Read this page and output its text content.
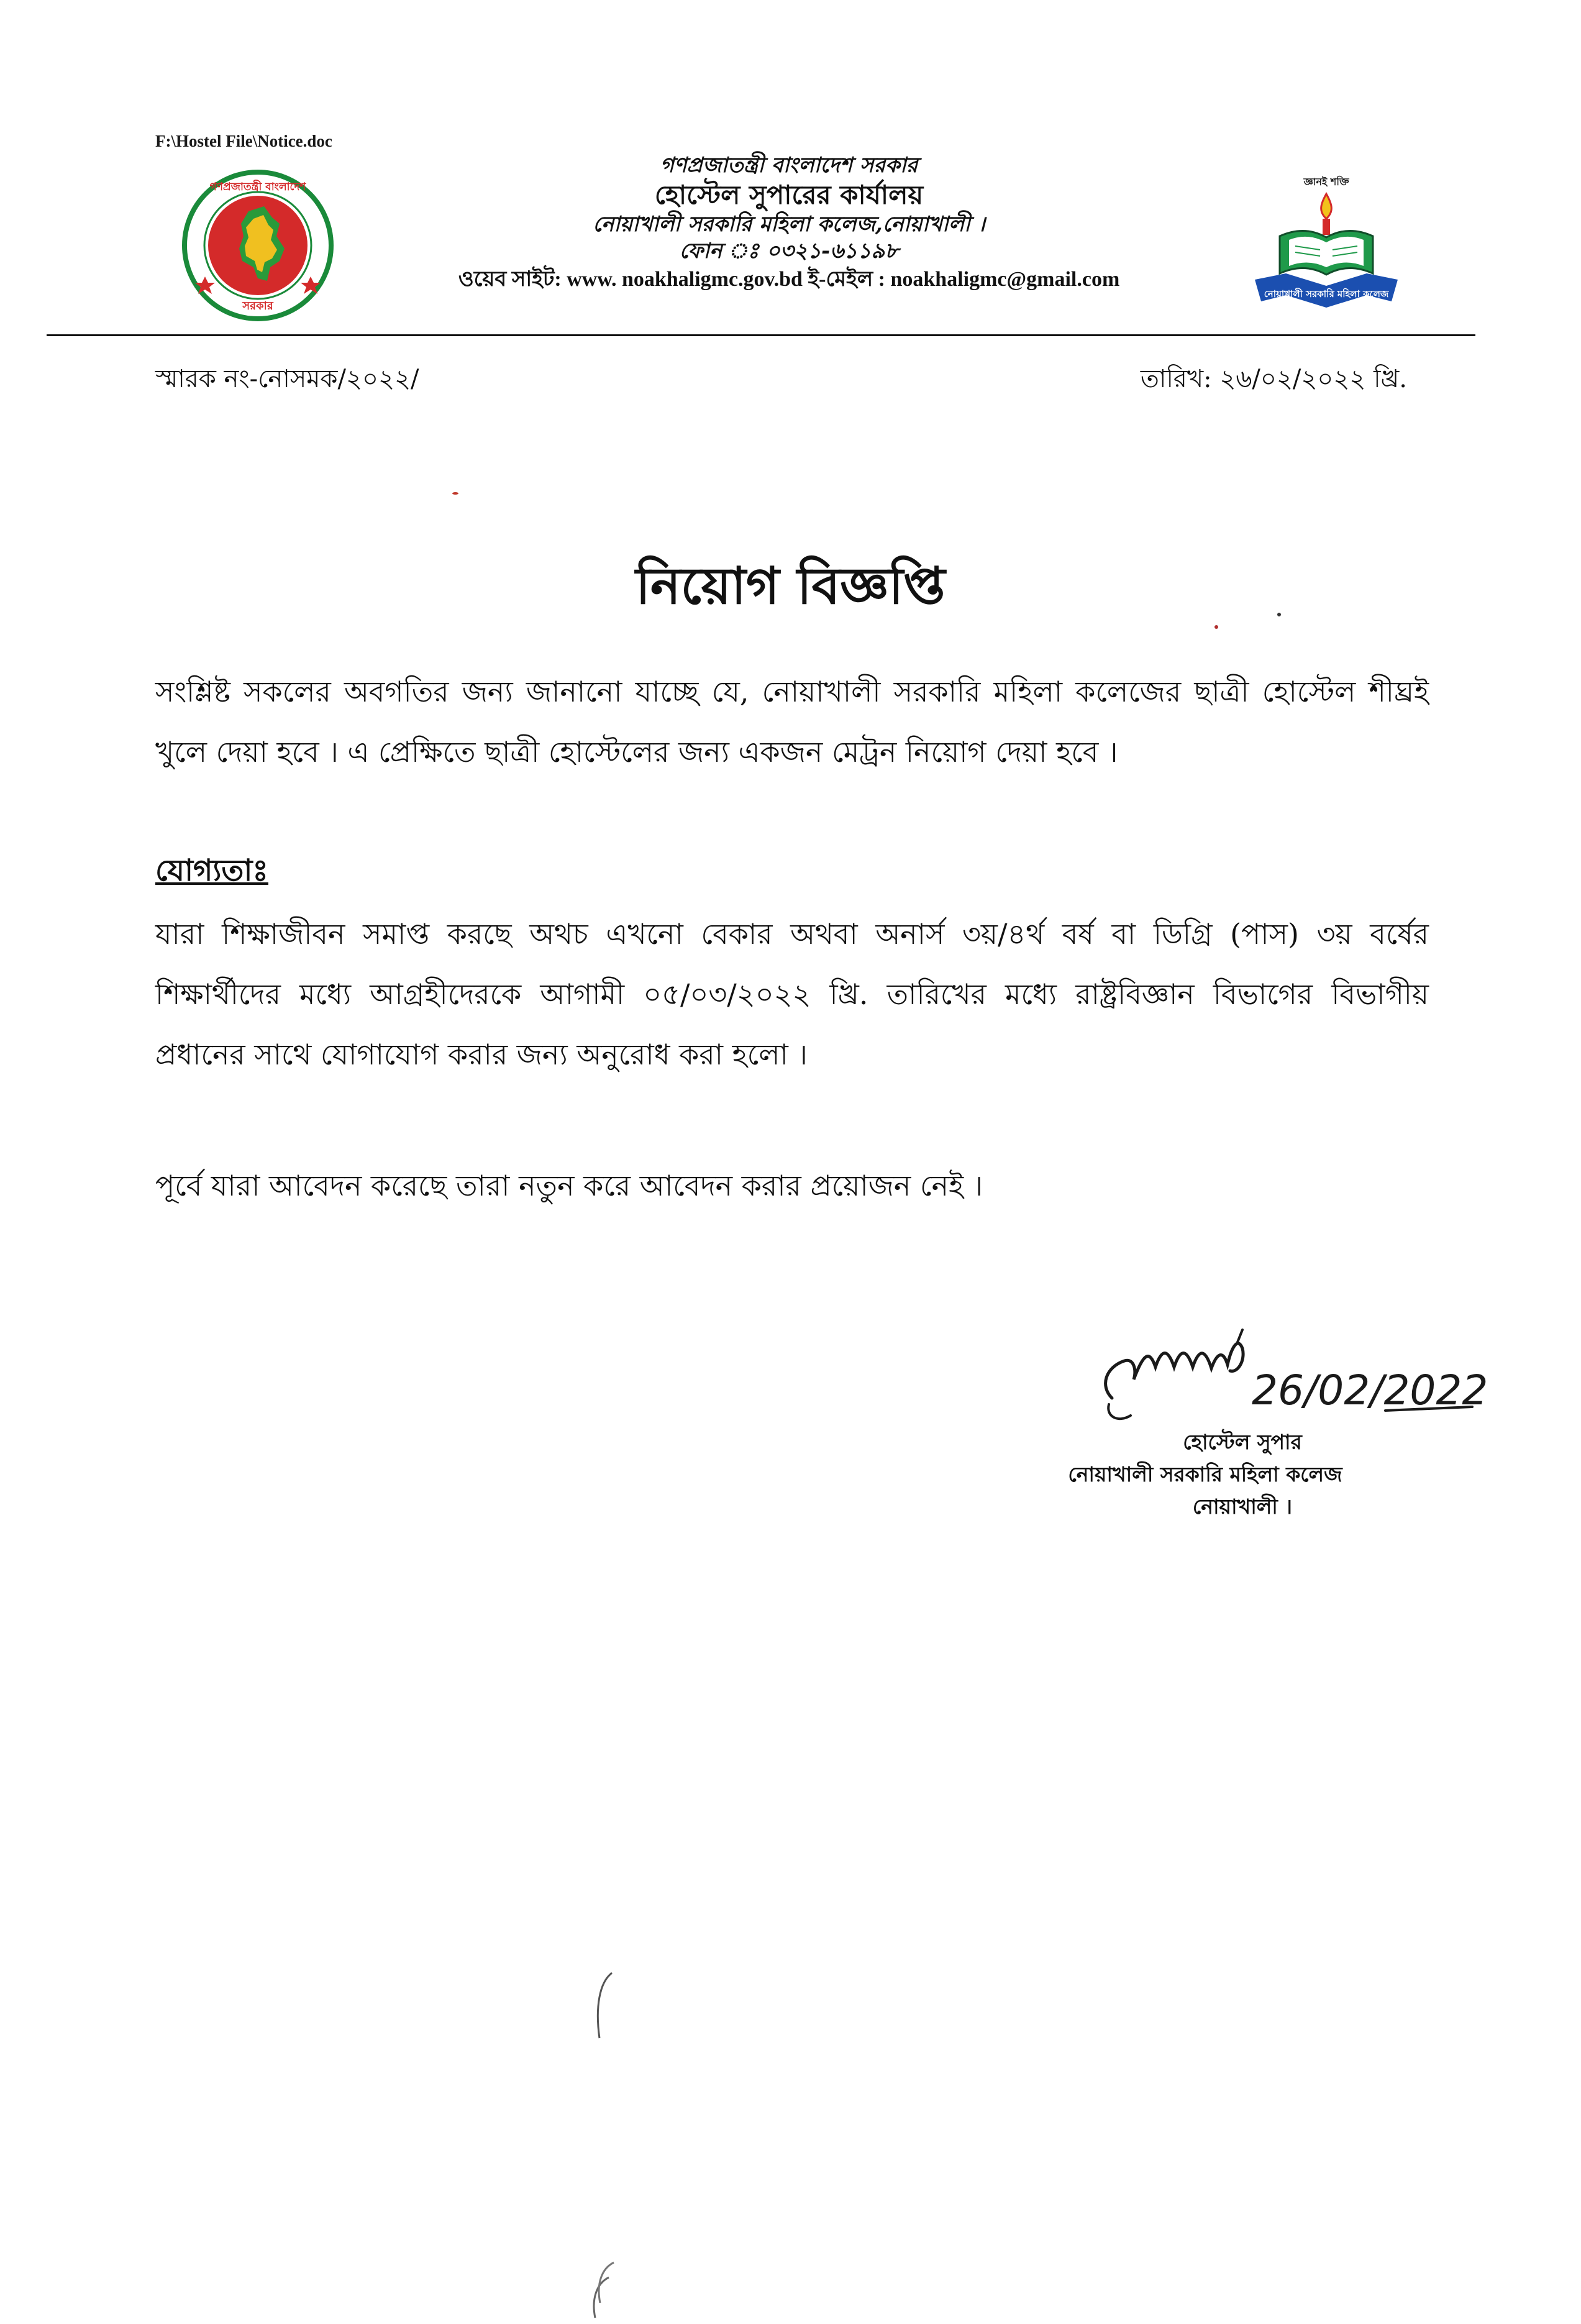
F:\Hostel File\Notice.doc
গণপ্রজাতন্ত্রী বাংলাদেশ
সরকার
গণপ্রজাতন্ত্রী বাংলাদেশ সরকার
হোস্টেল সুপারের কার্যালয়
নোয়াখালী সরকারি মহিলা কলেজ,নোয়াখালী ।
ফোন ঃ ০৩২১-৬১১৯৮
ওয়েব সাইট: www. noakhaligmc.gov.bd ই-মেইল : noakhaligmc@gmail.com
জ্ঞানই শক্তি
নোয়াখালী সরকারি মহিলা কলেজ
স্মারক নং-নোসমক/২০২২/	তারিখ: ২৬/০২/২০২২ খ্রি.
নিয়োগ বিজ্ঞপ্তি
সংশ্লিষ্ট সকলের অবগতির জন্য জানানো যাচ্ছে যে, নোয়াখালী সরকারি মহিলা কলেজের ছাত্রী হোস্টেল শীঘ্রই খুলে দেয়া হবে । এ প্রেক্ষিতে ছাত্রী হোস্টেলের জন্য একজন মেট্রন নিয়োগ দেয়া হবে ।
যোগ্যতাঃ
যারা শিক্ষাজীবন সমাপ্ত করছে অথচ এখনো বেকার অথবা অনার্স ৩য়/৪র্থ বর্ষ বা ডিগ্রি (পাস) ৩য় বর্ষের শিক্ষার্থীদের মধ্যে আগ্রহীদেরকে আগামী ০৫/০৩/২০২২ খ্রি. তারিখের মধ্যে রাষ্ট্রবিজ্ঞান বিভাগের বিভাগীয় প্রধানের সাথে যোগাযোগ করার জন্য অনুরোধ করা হলো ।
পূর্বে যারা আবেদন করেছে তারা নতুন করে আবেদন করার প্রয়োজন নেই ।
26/02/2022
হোস্টেল সুপার
নোয়াখালী সরকারি মহিলা কলেজ
নোয়াখালী ।
